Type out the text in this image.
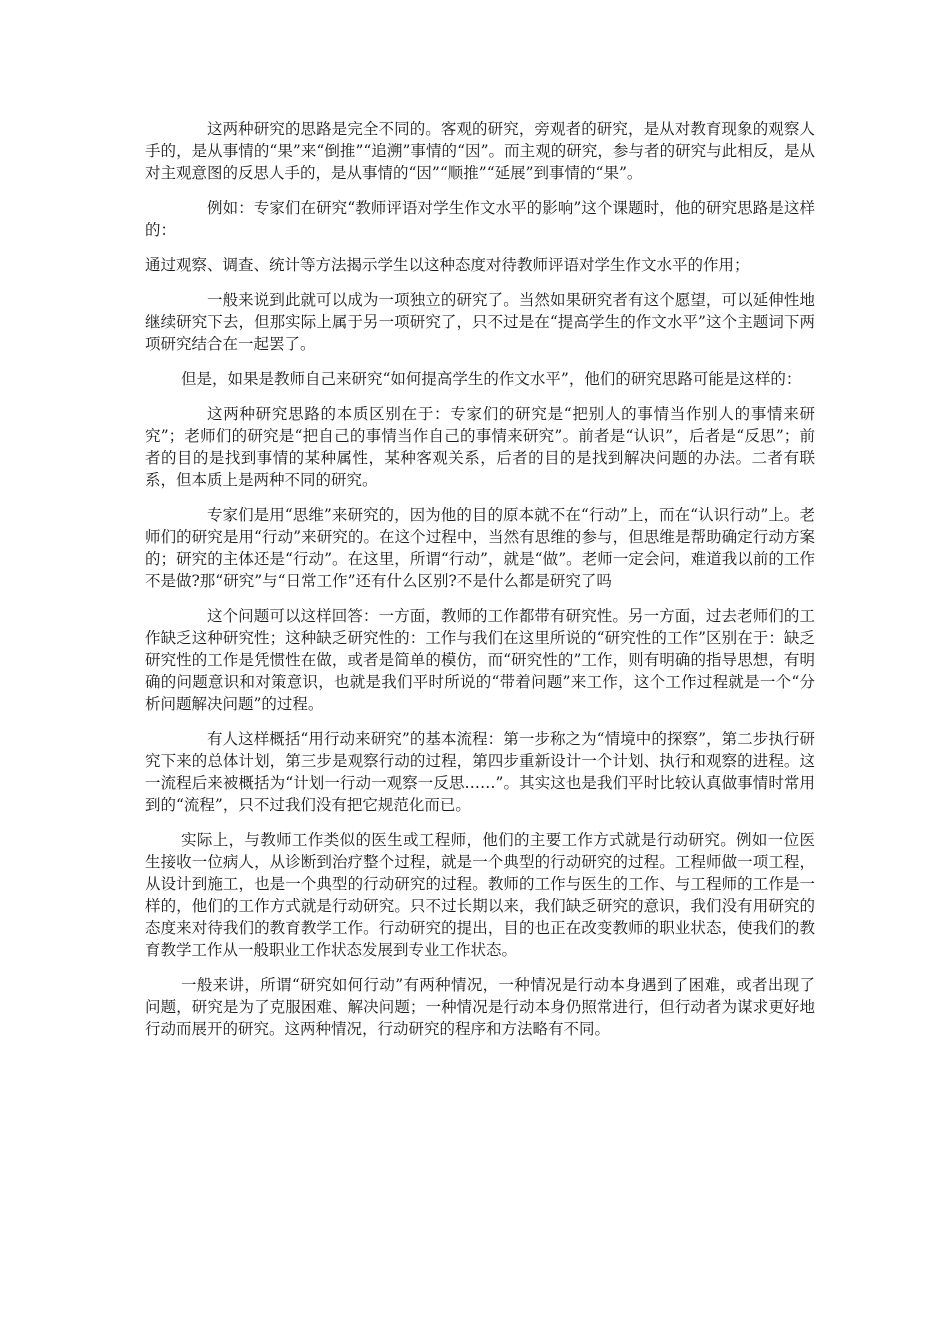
这两种研究的思路是完全不同的。客观的研究，旁观者的研究，是从对教育现象的观察人手的，是从事情的“果”来“倒推”“追溯”事情的“因”。而主观的研究，参与者的研究与此相反，是从对主观意图的反思人手的，是从事情的“因”“顺推”“延展”到事情的“果”。

例如：专家们在研究“教师评语对学生作文水平的影响”这个课题时，他的研究思路是这样的：

通过观察、调查、统计等方法揭示学生以这种态度对待教师评语对学生作文水平的作用；

一般来说到此就可以成为一项独立的研究了。当然如果研究者有这个愿望，可以延伸性地继续研究下去，但那实际上属于另一项研究了，只不过是在“提高学生的作文水平”这个主题词下两项研究结合在一起罢了。

但是，如果是教师自己来研究“如何提高学生的作文水平”，他们的研究思路可能是这样的：

这两种研究思路的本质区别在于：专家们的研究是“把别人的事情当作别人的事情来研究”；老师们的研究是“把自己的事情当作自己的事情来研究”。前者是“认识”，后者是“反思”；前者的目的是找到事情的某种属性，某种客观关系，后者的目的是找到解决问题的办法。二者有联系，但本质上是两种不同的研究。

专家们是用“思维”来研究的，因为他的目的原本就不在“行动”上，而在“认识行动”上。老师们的研究是用“行动”来研究的。在这个过程中，当然有思维的参与，但思维是帮助确定行动方案的；研究的主体还是“行动”。在这里，所谓“行动”，就是“做”。老师一定会问，难道我以前的工作不是做?那“研究”与“日常工作”还有什么区别?不是什么都是研究了吗

这个问题可以这样回答：一方面，教师的工作都带有研究性。另一方面，过去老师们的工作缺乏这种研究性；这种缺乏研究性的：工作与我们在这里所说的“研究性的工作”区别在于：缺乏研究性的工作是凭惯性在做，或者是简单的模仿，而“研究性的”工作，则有明确的指导思想，有明确的问题意识和对策意识，也就是我们平时所说的“带着问题”来工作，这个工作过程就是一个“分析问题解决问题”的过程。

有人这样概括“用行动来研究”的基本流程：第一步称之为“情境中的探察”，第二步执行研究下来的总体计划，第三步是观察行动的过程，第四步重新设计一个计划、执行和观察的进程。这一流程后来被概括为“计划一行动一观察一反思……”。其实这也是我们平时比较认真做事情时常用到的“流程”，只不过我们没有把它规范化而已。

实际上，与教师工作类似的医生或工程师，他们的主要工作方式就是行动研究。例如一位医生接收一位病人，从诊断到治疗整个过程，就是一个典型的行动研究的过程。工程师做一项工程，从设计到施工，也是一个典型的行动研究的过程。教师的工作与医生的工作、与工程师的工作是一样的，他们的工作方式就是行动研究。只不过长期以来，我们缺乏研究的意识，我们没有用研究的态度来对待我们的教育教学工作。行动研究的提出，目的也正在改变教师的职业状态，使我们的教育教学工作从一般职业工作状态发展到专业工作状态。

一般来讲，所谓“研究如何行动”有两种情况，一种情况是行动本身遇到了困难，或者出现了问题，研究是为了克服困难、解决问题；一种情况是行动本身仍照常进行，但行动者为谋求更好地行动而展开的研究。这两种情况，行动研究的程序和方法略有不同。
